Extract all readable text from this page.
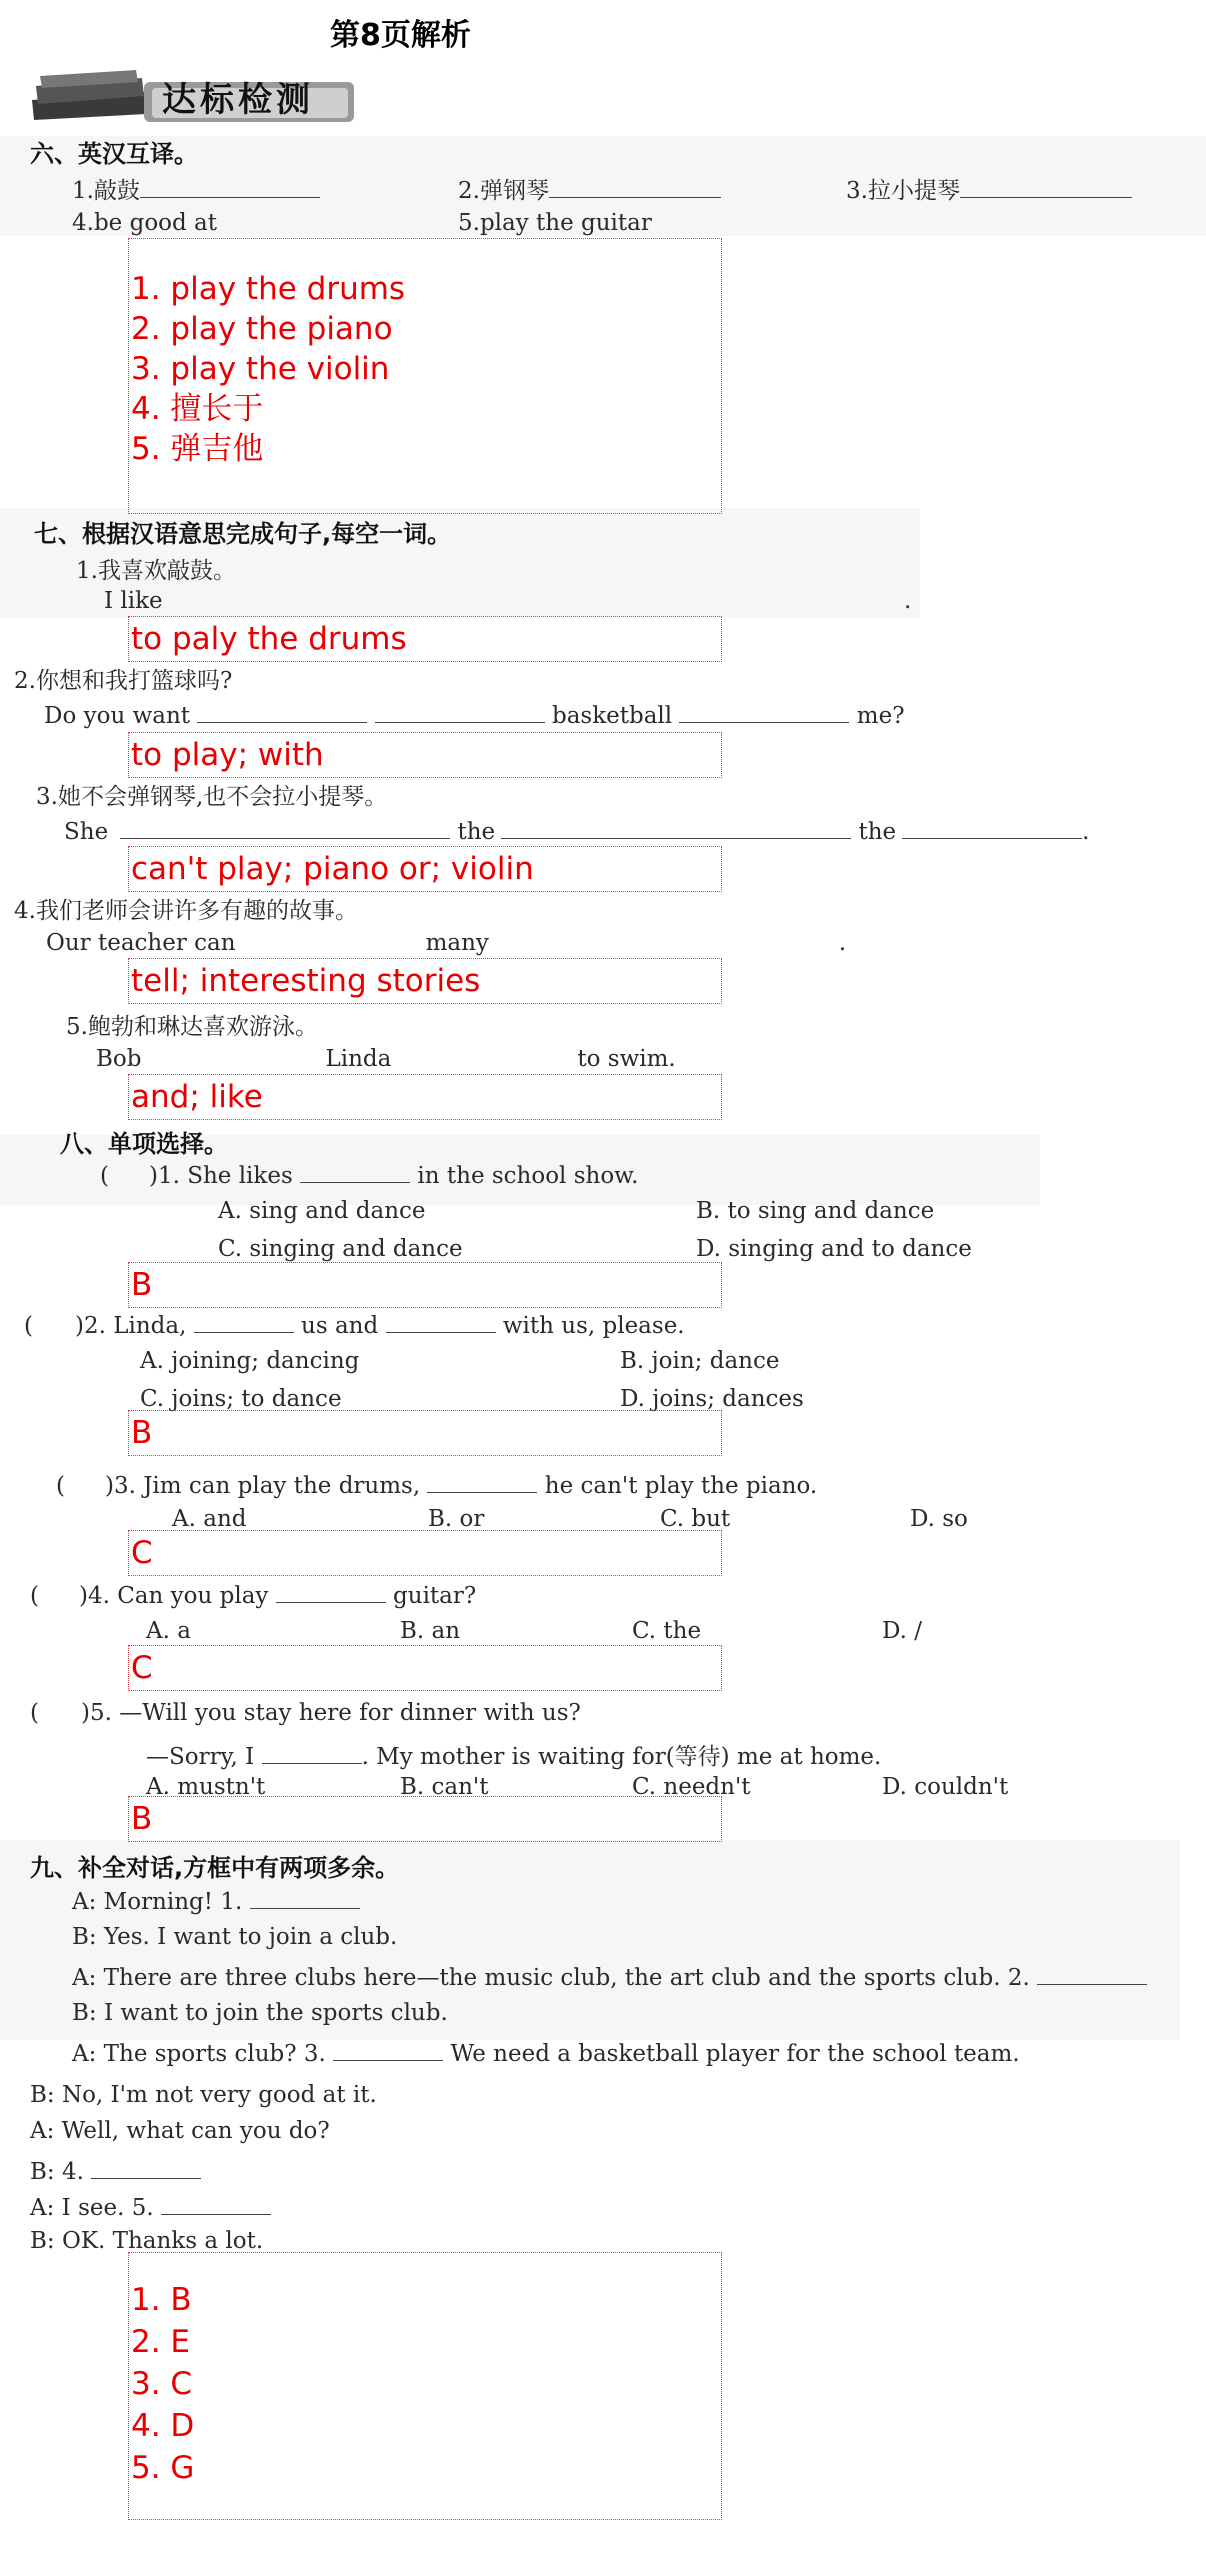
第8页解析
达标检测
六、英汉互译。
1.敲鼓	2.弹钢琴	3.拉小提琴
4.be good at	5.play the guitar
1. play the drums
2. play the piano
3. play the violin
4. 擅长于
5. 弹吉他
七、根据汉语意思完成句子,每空一词。
1.我喜欢敲鼓。
I like	.
to paly the drums
2.你想和我打篮球吗?
Do you want	basketball	me?
to play; with
3.她不会弹钢琴,也不会拉小提琴。
She	the	the	.
can't play; piano or; violin
4.我们老师会讲许多有趣的故事。
Our teacher can	many	.
tell; interesting stories
5.鲍勃和琳达喜欢游泳。
Bob	Linda	to swim.
and; like
八、单项选择。
( )1. She likes	in the school show.
A. sing and dance	B. to sing and dance
C. singing and dance	D. singing and to dance
B
( )2. Linda,	us and	with us, please.
A. joining; dancing	B. join; dance
C. joins; to dance	D. joins; dances
B
( )3. Jim can play the drums,	he can't play the piano.
A. and	B. or	C. but	D. so
C
( )4. Can you play	guitar?
A. a	B. an	C. the	D. /
C
( )5. —Will you stay here for dinner with us?
—Sorry, I	. My mother is waiting for(等待) me at home.
A. mustn't	B. can't	C. needn't	D. couldn't
B
九、补全对话,方框中有两项多余。
A: Morning! 1.
B: Yes. I want to join a club.
A: There are three clubs here—the music club, the art club and the sports club. 2.
B: I want to join the sports club.
A: The sports club? 3.	We need a basketball player for the school team.
B: No, I'm not very good at it.
A: Well, what can you do?
B: 4.
A: I see. 5.
B: OK. Thanks a lot.
1. B
2. E
3. C
4. D
5. G
